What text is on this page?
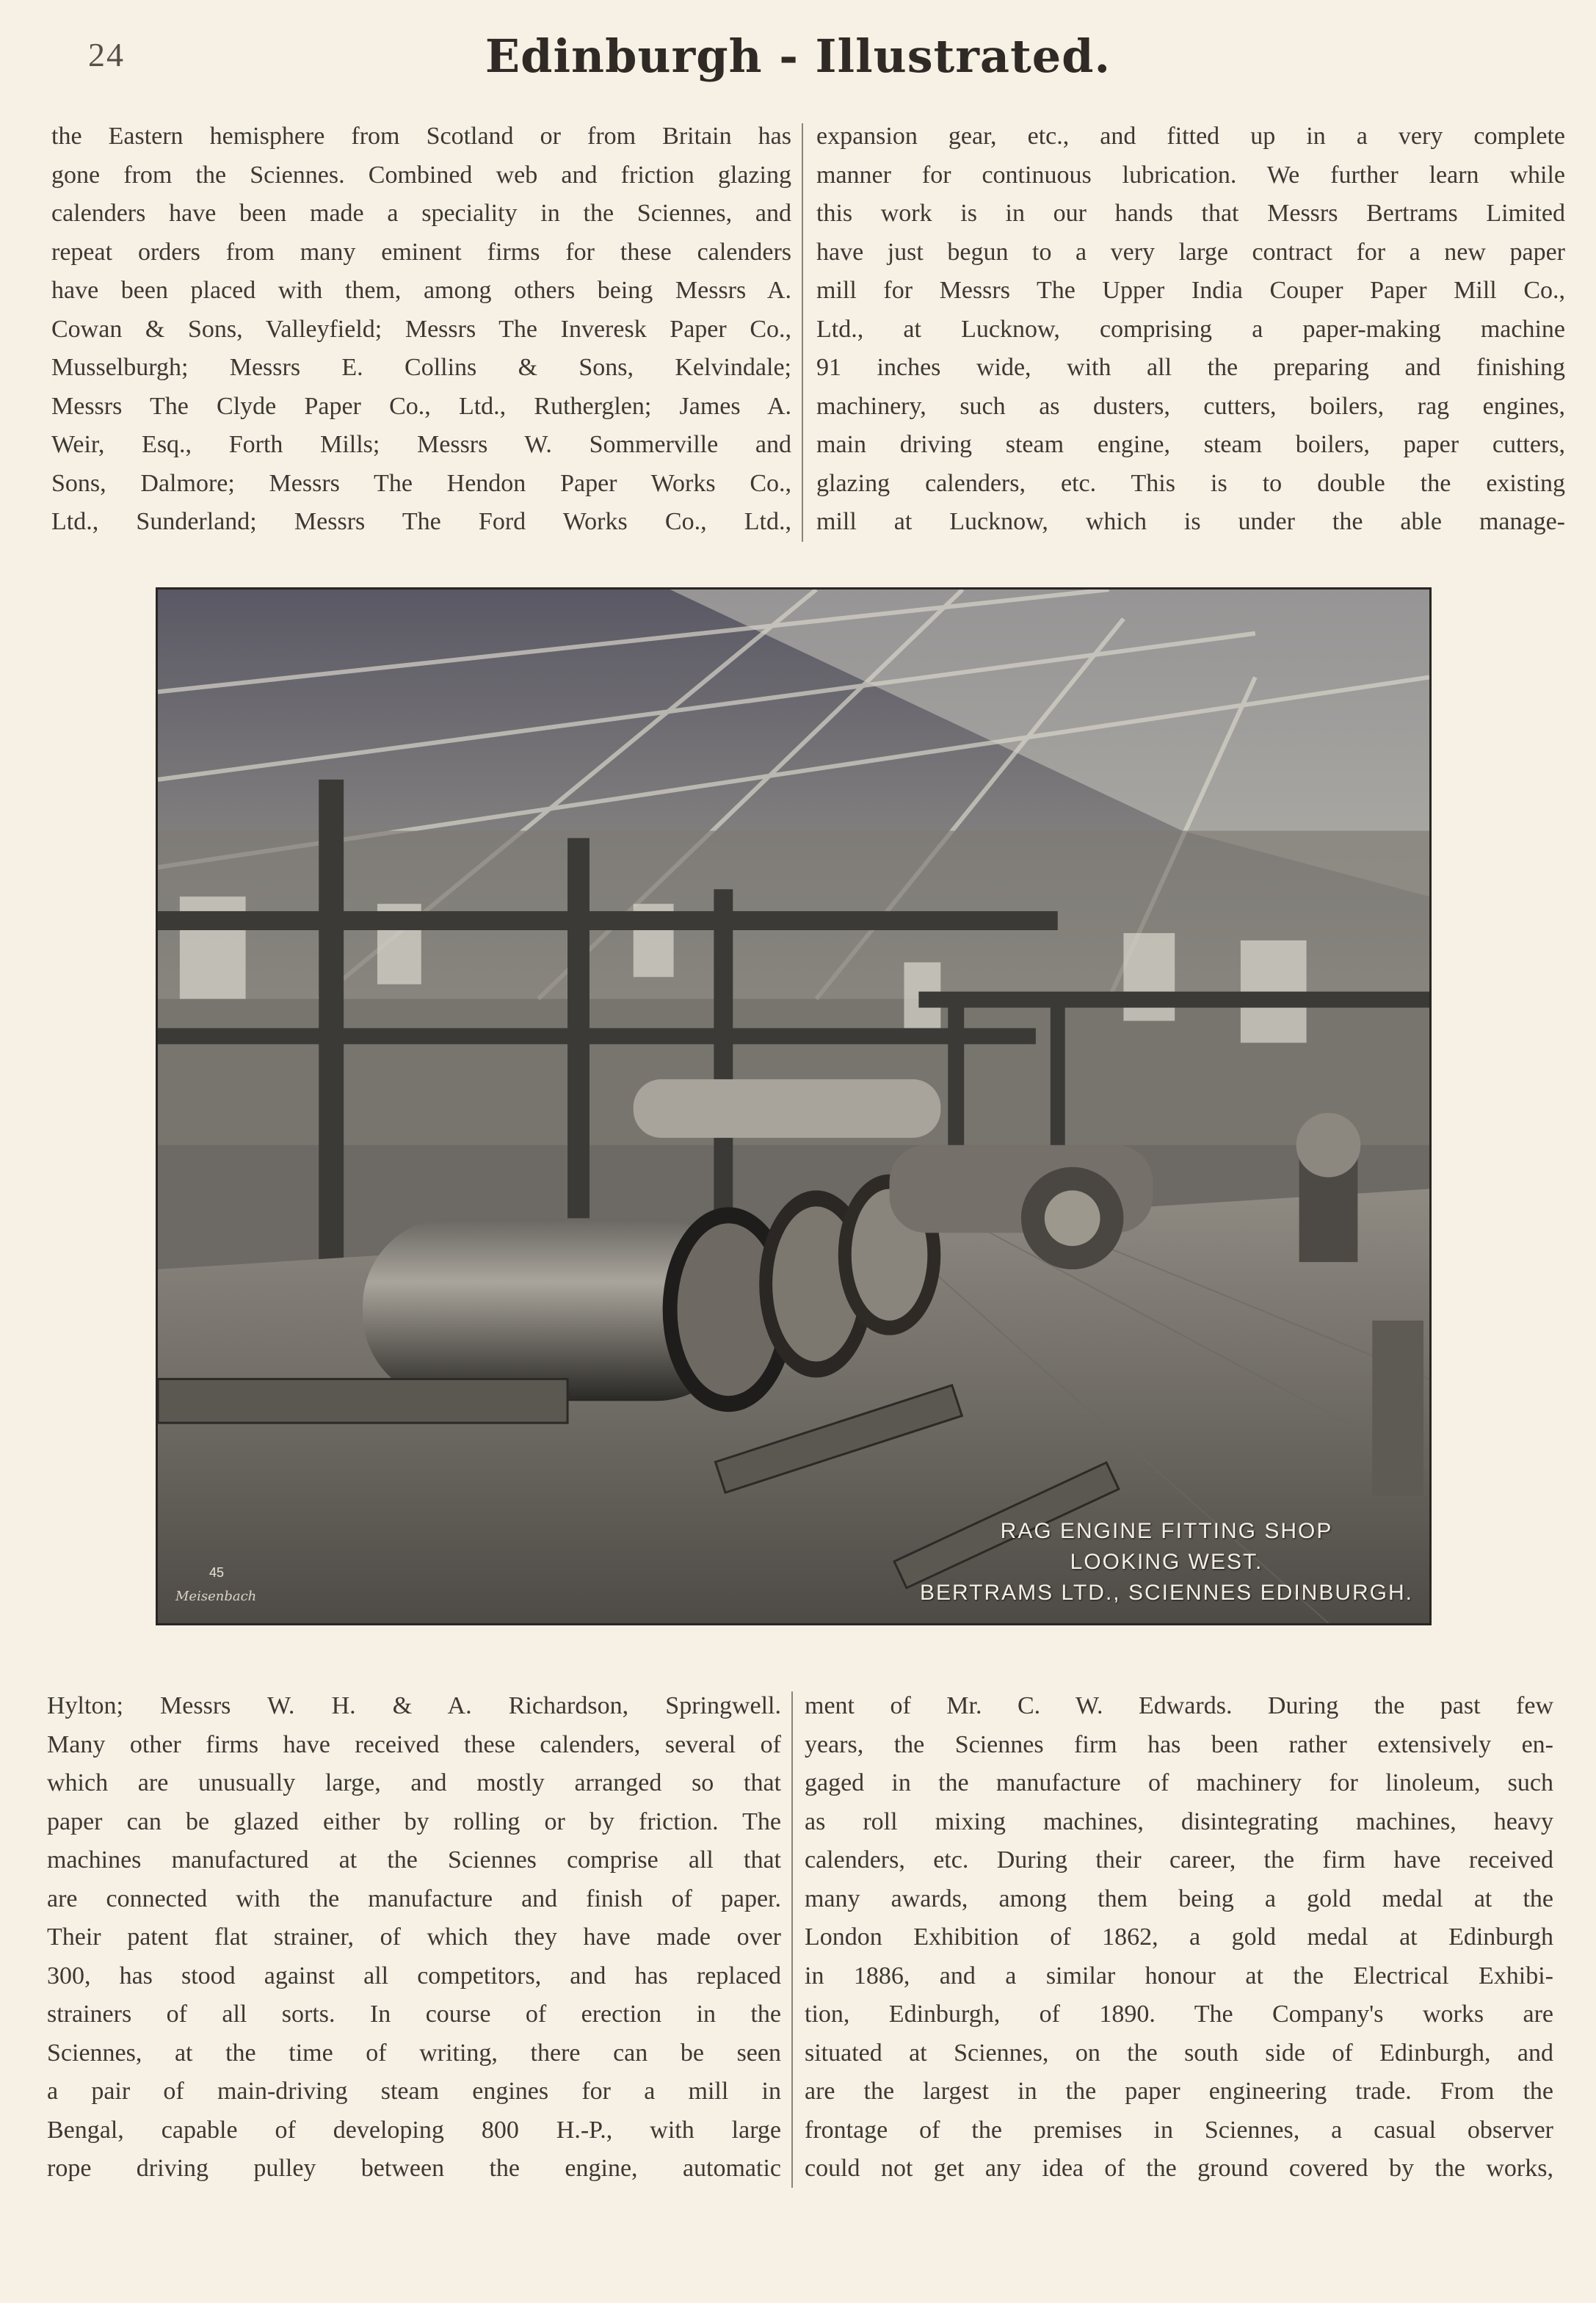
24	Edinburgh - Illustrated.
the Eastern hemisphere from Scotland or from Britain has
gone from the Sciennes. Combined web and friction glazing
calenders have been made a speciality in the Sciennes, and
repeat orders from many eminent firms for these calenders
have been placed with them, among others being Messrs A.
Cowan & Sons, Valleyfield; Messrs The Inveresk Paper Co.,
Musselburgh; Messrs E. Collins & Sons, Kelvindale;
Messrs The Clyde Paper Co., Ltd., Rutherglen; James A.
Weir, Esq., Forth Mills; Messrs W. Sommerville and
Sons, Dalmore; Messrs The Hendon Paper Works Co.,
Ltd., Sunderland; Messrs The Ford Works Co., Ltd.,
expansion gear, etc., and fitted up in a very complete
manner for continuous lubrication. We further learn while
this work is in our hands that Messrs Bertrams Limited
have just begun to a very large contract for a new paper
mill for Messrs The Upper India Couper Paper Mill Co.,
Ltd., at Lucknow, comprising a paper-making machine
91 inches wide, with all the preparing and finishing
machinery, such as dusters, cutters, boilers, rag engines,
main driving steam engine, steam boilers, paper cutters,
glazing calenders, etc. This is to double the existing
mill at Lucknow, which is under the able manage-
RAG ENGINE FITTING SHOP
LOOKING WEST.
BERTRAMS LTD., SCIENNES EDINBURGH.
45
Meisenbach
Hylton; Messrs W. H. & A. Richardson, Springwell.
Many other firms have received these calenders, several of
which are unusually large, and mostly arranged so that
paper can be glazed either by rolling or by friction. The
machines manufactured at the Sciennes comprise all that
are connected with the manufacture and finish of paper.
Their patent flat strainer, of which they have made over
300, has stood against all competitors, and has replaced
strainers of all sorts. In course of erection in the
Sciennes, at the time of writing, there can be seen
a pair of main-driving steam engines for a mill in
Bengal, capable of developing 800 H.-P., with large
rope driving pulley between the engine, automatic
ment of Mr. C. W. Edwards. During the past few
years, the Sciennes firm has been rather extensively en-
gaged in the manufacture of machinery for linoleum, such
as roll mixing machines, disintegrating machines, heavy
calenders, etc. During their career, the firm have received
many awards, among them being a gold medal at the
London Exhibition of 1862, a gold medal at Edinburgh
in 1886, and a similar honour at the Electrical Exhibi-
tion, Edinburgh, of 1890. The Company's works are
situated at Sciennes, on the south side of Edinburgh, and
are the largest in the paper engineering trade. From the
frontage of the premises in Sciennes, a casual observer
could not get any idea of the ground covered by the works,
